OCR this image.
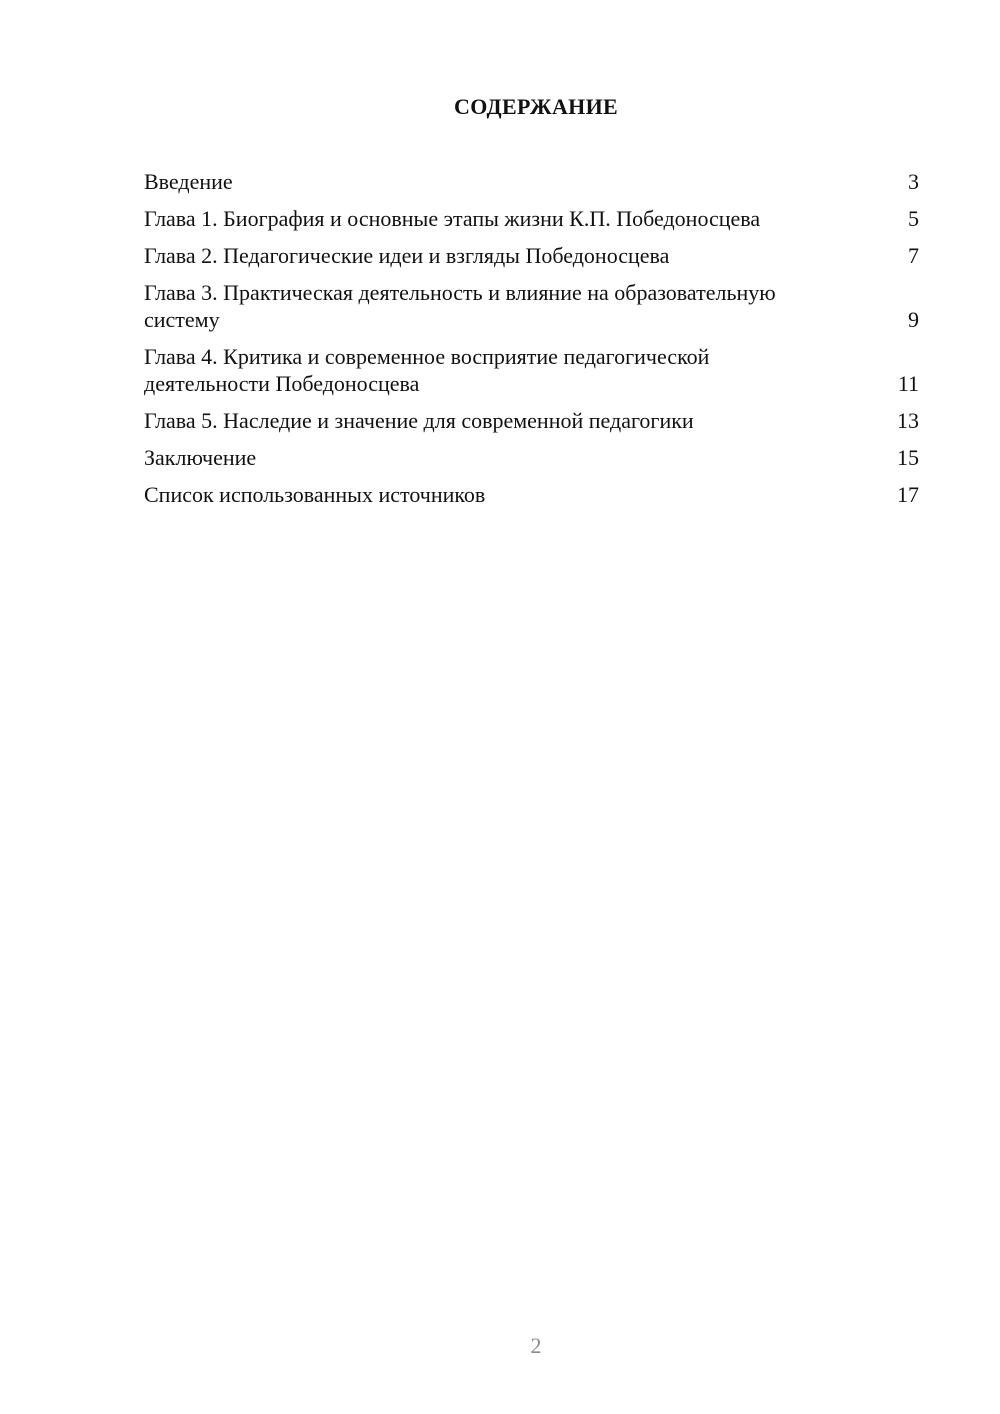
СОДЕРЖАНИЕ
Введение	3
Глава 1. Биография и основные этапы жизни К.П. Победоносцева	5
Глава 2. Педагогические идеи и взгляды Победоносцева	7
Глава 3. Практическая деятельность и влияние на образовательную систему	9
Глава 4. Критика и современное восприятие педагогической деятельности Победоносцева	11
Глава 5. Наследие и значение для современной педагогики	13
Заключение	15
Список использованных источников	17
2
